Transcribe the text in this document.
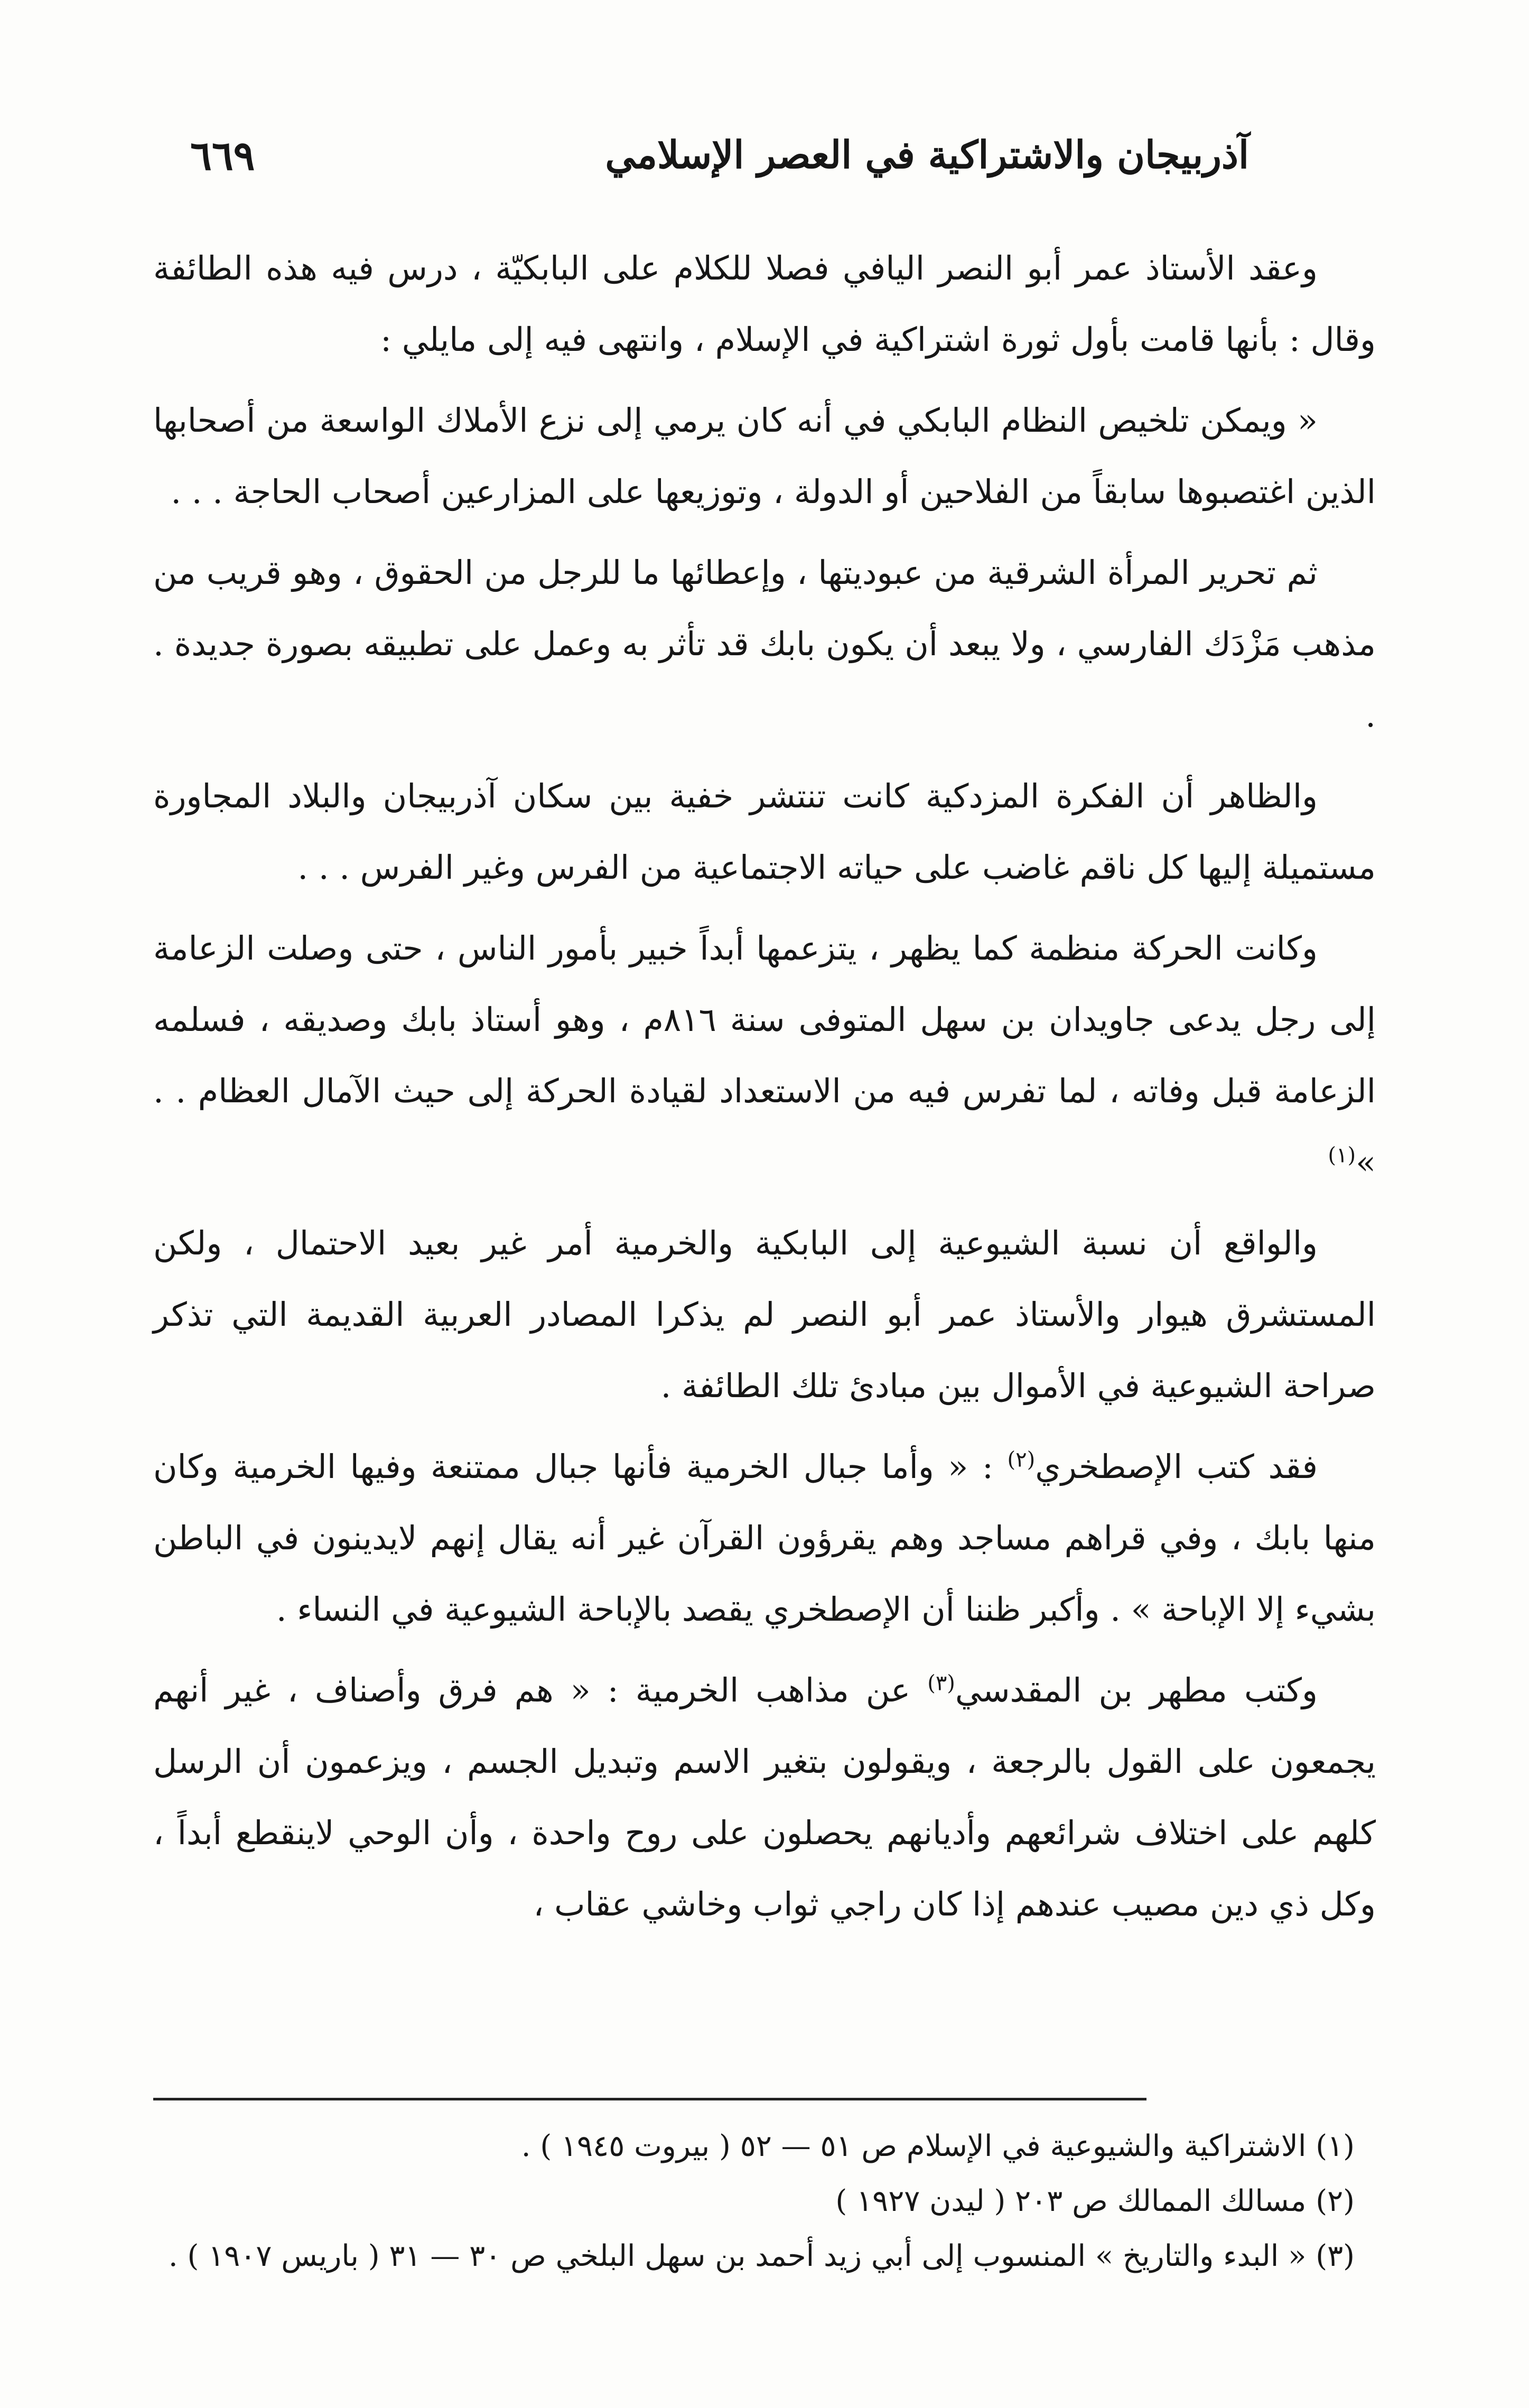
٦٦٩	آذربيجان والاشتراكية في العصر الإسلامي

وعقد الأستاذ عمر أبو النصر اليافي فصلا للكلام على البابكيّة ، درس فيه هذه الطائفة وقال : بأنها قامت بأول ثورة اشتراكية في الإسلام ، وانتهى فيه إلى مايلي :

« ويمكن تلخيص النظام البابكي في أنه كان يرمي إلى نزع الأملاك الواسعة من أصحابها الذين اغتصبوها سابقاً من الفلاحين أو الدولة ، وتوزيعها على المزارعين أصحاب الحاجة . . .

ثم تحرير المرأة الشرقية من عبوديتها ، وإعطائها ما للرجل من الحقوق ، وهو قريب من مذهب مَزْدَك الفارسي ، ولا يبعد أن يكون بابك قد تأثر به وعمل على تطبيقه بصورة جديدة . .

والظاهر أن الفكرة المزدكية كانت تنتشر خفية بين سكان آذربيجان والبلاد المجاورة مستميلة إليها كل ناقم غاضب على حياته الاجتماعية من الفرس وغير الفرس . . .

وكانت الحركة منظمة كما يظهر ، يتزعمها أبداً خبير بأمور الناس ، حتى وصلت الزعامة إلى رجل يدعى جاويدان بن سهل المتوفى سنة ٨١٦م ، وهو أستاذ بابك وصديقه ، فسلمه الزعامة قبل وفاته ، لما تفرس فيه من الاستعداد لقيادة الحركة إلى حيث الآمال العظام . . »$^{(١)}$

والواقع أن نسبة الشيوعية إلى البابكية والخرمية أمر غير بعيد الاحتمال ، ولكن المستشرق هيوار والأستاذ عمر أبو النصر لم يذكرا المصادر العربية القديمة التي تذكر صراحة الشيوعية في الأموال بين مبادئ تلك الطائفة .

فقد كتب الإصطخري$^{(٢)}$ : « وأما جبال الخرمية فأنها جبال ممتنعة وفيها الخرمية وكان منها بابك ، وفي قراهم مساجد وهم يقرؤون القرآن غير أنه يقال إنهم لايدينون في الباطن بشيء إلا الإباحة » . وأكبر ظننا أن الإصطخري يقصد بالإباحة الشيوعية في النساء .

وكتب مطهر بن المقدسي$^{(٣)}$ عن مذاهب الخرمية : « هم فرق وأصناف ، غير أنهم يجمعون على القول بالرجعة ، ويقولون بتغير الاسم وتبديل الجسم ، ويزعمون أن الرسل كلهم على اختلاف شرائعهم وأديانهم يحصلون على روح واحدة ، وأن الوحي لاينقطع أبداً ، وكل ذي دين مصيب عندهم إذا كان راجي ثواب وخاشي عقاب ،

(١) الاشتراكية والشيوعية في الإسلام ص ٥١ — ٥٢ ( بيروت ١٩٤٥ ) .

(٢) مسالك الممالك ص ٢٠٣ ( ليدن ١٩٢٧ )

(٣) « البدء والتاريخ » المنسوب إلى أبي زيد أحمد بن سهل البلخي ص ٣٠ — ٣١ ( باريس ١٩٠٧ ) .
